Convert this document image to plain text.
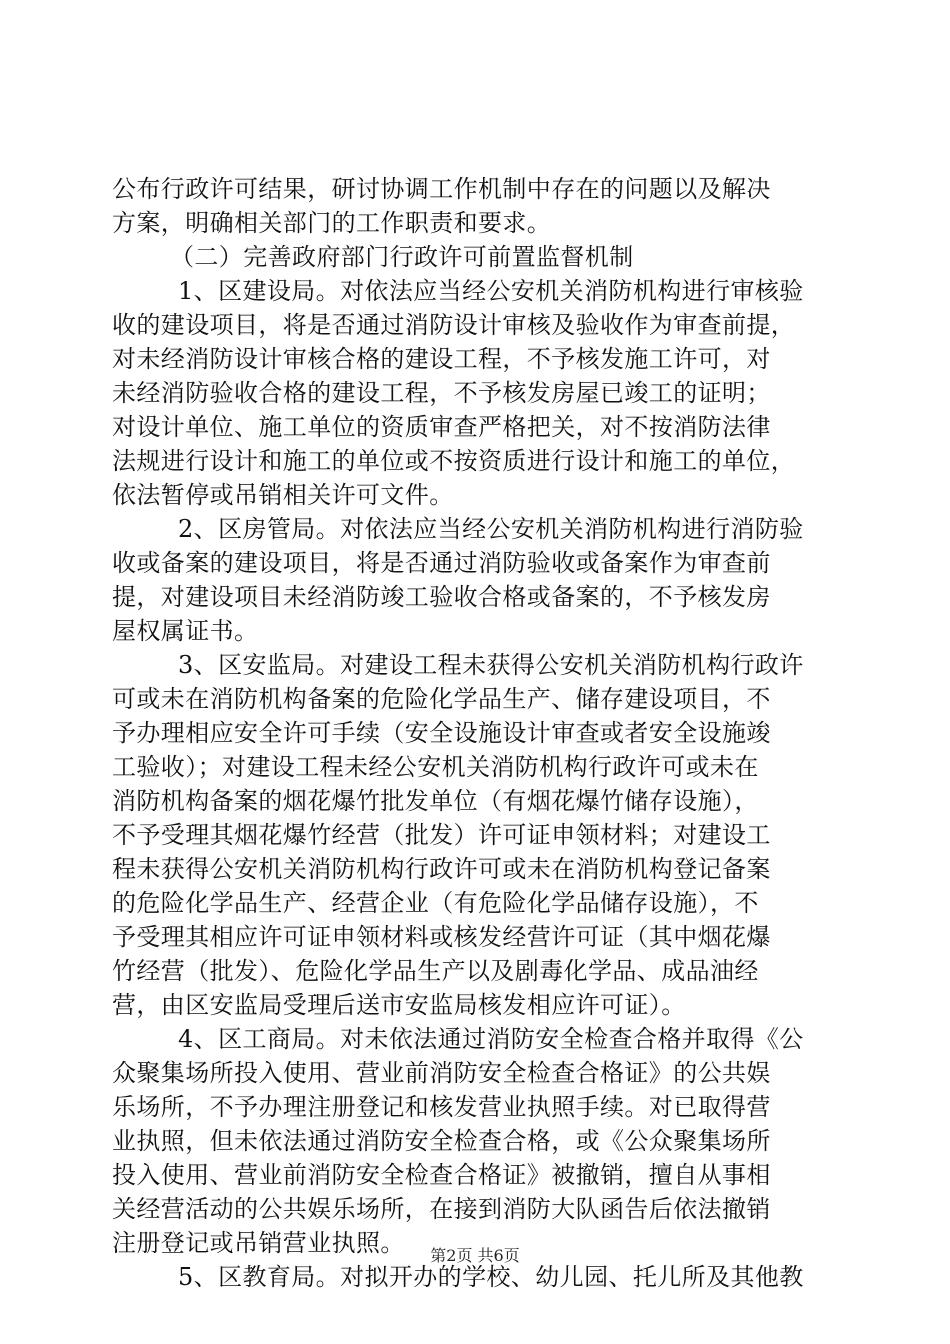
公布行政许可结果，研讨协调工作机制中存在的问题以及解决
方案，明确相关部门的工作职责和要求。
（二）完善政府部门行政许可前置监督机制
1、区建设局。对依法应当经公安机关消防机构进行审核验
收的建设项目，将是否通过消防设计审核及验收作为审查前提，
对未经消防设计审核合格的建设工程，不予核发施工许可，对
未经消防验收合格的建设工程，不予核发房屋已竣工的证明；
对设计单位、施工单位的资质审查严格把关，对不按消防法律
法规进行设计和施工的单位或不按资质进行设计和施工的单位，
依法暂停或吊销相关许可文件。
2、区房管局。对依法应当经公安机关消防机构进行消防验
收或备案的建设项目，将是否通过消防验收或备案作为审查前
提，对建设项目未经消防竣工验收合格或备案的，不予核发房
屋权属证书。
3、区安监局。对建设工程未获得公安机关消防机构行政许
可或未在消防机构备案的危险化学品生产、储存建设项目，不
予办理相应安全许可手续（安全设施设计审查或者安全设施竣
工验收）；对建设工程未经公安机关消防机构行政许可或未在
消防机构备案的烟花爆竹批发单位（有烟花爆竹储存设施），
不予受理其烟花爆竹经营（批发）许可证申领材料；对建设工
程未获得公安机关消防机构行政许可或未在消防机构登记备案
的危险化学品生产、经营企业（有危险化学品储存设施），不
予受理其相应许可证申领材料或核发经营许可证（其中烟花爆
竹经营（批发）、危险化学品生产以及剧毒化学品、成品油经
营，由区安监局受理后送市安监局核发相应许可证）。
4、区工商局。对未依法通过消防安全检查合格并取得《公
众聚集场所投入使用、营业前消防安全检查合格证》的公共娱
乐场所，不予办理注册登记和核发营业执照手续。对已取得营
业执照，但未依法通过消防安全检查合格，或《公众聚集场所
投入使用、营业前消防安全检查合格证》被撤销，擅自从事相
关经营活动的公共娱乐场所，在接到消防大队函告后依法撤销
注册登记或吊销营业执照。
5、区教育局。对拟开办的学校、幼儿园、托儿所及其他教
第2页 共6页
